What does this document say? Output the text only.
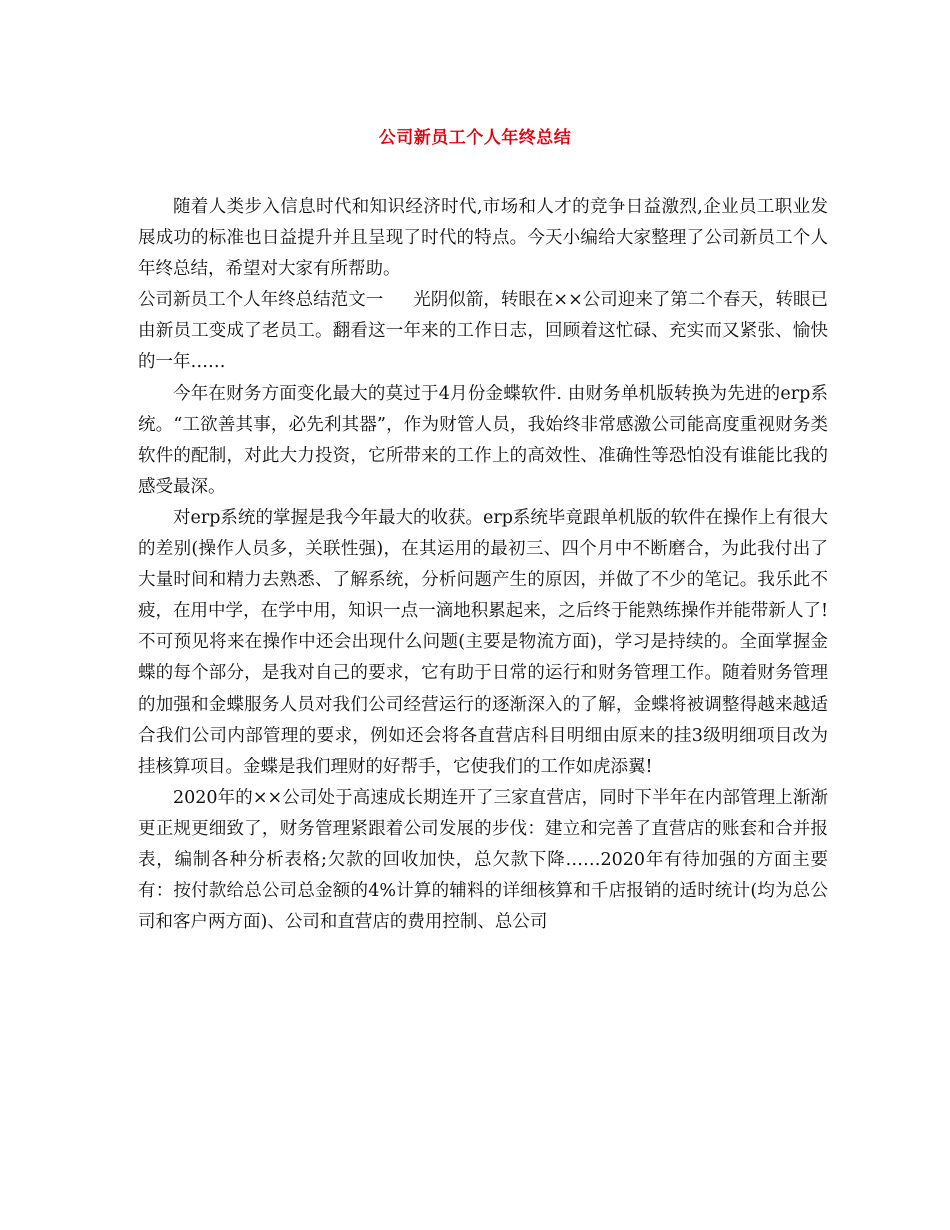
公司新员工个人年终总结

随着人类步入信息时代和知识经济时代,市场和人才的竞争日益激烈,企业员工职业发展成功的标准也日益提升并且呈现了时代的特点。今天小编给大家整理了公司新员工个人年终总结，希望对大家有所帮助。

公司新员工个人年终总结范文一 光阴似箭，转眼在××公司迎来了第二个春天，转眼已由新员工变成了老员工。翻看这一年来的工作日志，回顾着这忙碌、充实而又紧张、愉快的一年……

今年在财务方面变化最大的莫过于4月份金蝶软件. 由财务单机版转换为先进的erp系统。“工欲善其事，必先利其器”，作为财管人员，我始终非常感激公司能高度重视财务类软件的配制，对此大力投资，它所带来的工作上的高效性、准确性等恐怕没有谁能比我的感受最深。

对erp系统的掌握是我今年最大的收获。erp系统毕竟跟单机版的软件在操作上有很大的差别(操作人员多，关联性强)，在其运用的最初三、四个月中不断磨合，为此我付出了大量时间和精力去熟悉、了解系统，分析问题产生的原因，并做了不少的笔记。我乐此不疲，在用中学，在学中用，知识一点一滴地积累起来，之后终于能熟练操作并能带新人了!不可预见将来在操作中还会出现什么问题(主要是物流方面)，学习是持续的。全面掌握金蝶的每个部分，是我对自己的要求，它有助于日常的运行和财务管理工作。随着财务管理的加强和金蝶服务人员对我们公司经营运行的逐渐深入的了解，金蝶将被调整得越来越适合我们公司内部管理的要求，例如还会将各直营店科目明细由原来的挂3级明细项目改为挂核算项目。金蝶是我们理财的好帮手，它使我们的工作如虎添翼!

2020年的××公司处于高速成长期连开了三家直营店，同时下半年在内部管理上渐渐更正规更细致了，财务管理紧跟着公司发展的步伐：建立和完善了直营店的账套和合并报表，编制各种分析表格;欠款的回收加快，总欠款下降……2020年有待加强的方面主要有：按付款给总公司总金额的4%计算的辅料的详细核算和千店报销的适时统计(均为总公司和客户两方面)、公司和直营店的费用控制、总公司
